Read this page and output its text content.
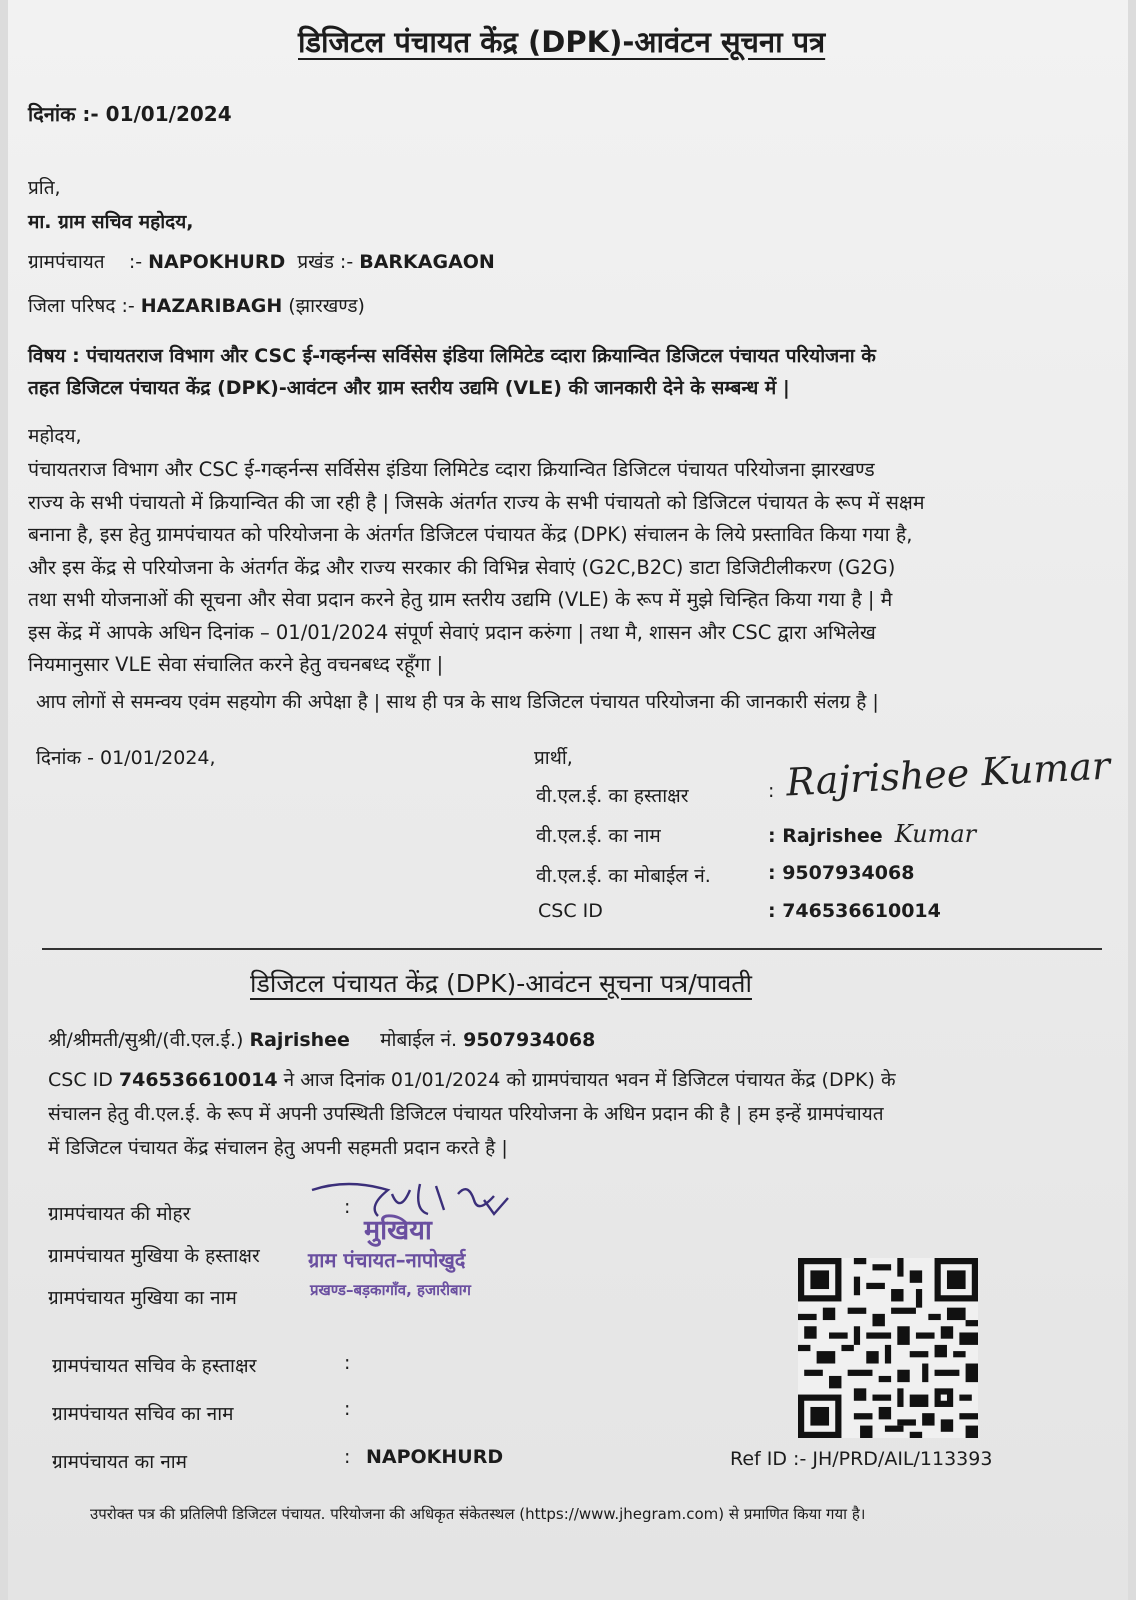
डिजिटल पंचायत केंद्र (DPK)-आवंटन सूचना पत्र
दिनांक :- 01/01/2024
प्रति,
मा. ग्राम सचिव महोदय,
ग्रामपंचायत :- NAPOKHURD प्रखंड :- BARKAGAON
जिला परिषद :- HAZARIBAGH (झारखण्ड)
विषय : पंचायतराज विभाग और CSC ई-गव्हर्नन्स सर्विसेस इंडिया लिमिटेड व्दारा क्रियान्वित डिजिटल पंचायत परियोजना के
तहत डिजिटल पंचायत केंद्र (DPK)-आवंटन और ग्राम स्तरीय उद्यमि (VLE) की जानकारी देने के सम्बन्ध में |
महोदय,
पंचायतराज विभाग और CSC ई-गव्हर्नन्स सर्विसेस इंडिया लिमिटेड व्दारा क्रियान्वित डिजिटल पंचायत परियोजना झारखण्ड
राज्य के सभी पंचायतो में क्रियान्वित की जा रही है | जिसके अंतर्गत राज्य के सभी पंचायतो को डिजिटल पंचायत के रूप में सक्षम
बनाना है, इस हेतु ग्रामपंचायत को परियोजना के अंतर्गत डिजिटल पंचायत केंद्र (DPK) संचालन के लिये प्रस्तावित किया गया है,
और इस केंद्र से परियोजना के अंतर्गत केंद्र और राज्य सरकार की विभिन्न सेवाएं (G2C,B2C) डाटा डिजिटीलीकरण (G2G)
तथा सभी योजनाओं की सूचना और सेवा प्रदान करने हेतु ग्राम स्तरीय उद्यमि (VLE) के रूप में मुझे चिन्हित किया गया है | मै
इस केंद्र में आपके अधिन दिनांक – 01/01/2024 संपूर्ण सेवाएं प्रदान करुंगा | तथा मै, शासन और CSC द्वारा अभिलेख
नियमानुसार VLE सेवा संचालित करने हेतु वचनबध्द रहूँगा |
आप लोगों से समन्वय एवंम सहयोग की अपेक्षा है | साथ ही पत्र के साथ डिजिटल पंचायत परियोजना की जानकारी संलग्र है |
दिनांक - 01/01/2024,	प्रार्थी,
वी.एल.ई. का हस्ताक्षर	: Rajrishee Kumar
वी.एल.ई. का नाम	: Rajrishee Kumar
वी.एल.ई. का मोबाईल नं.	: 9507934068
CSC ID	: 746536610014
डिजिटल पंचायत केंद्र (DPK)-आवंटन सूचना पत्र/पावती
श्री/श्रीमती/सुश्री/(वी.एल.ई.) Rajrishee मोबाईल नं. 9507934068
CSC ID 746536610014 ने आज दिनांक 01/01/2024 को ग्रामपंचायत भवन में डिजिटल पंचायत केंद्र (DPK) के
संचालन हेतु वी.एल.ई. के रूप में अपनी उपस्थिती डिजिटल पंचायत परियोजना के अधिन प्रदान की है | हम इन्हें ग्रामपंचायत
में डिजिटल पंचायत केंद्र संचालन हेतु अपनी सहमती प्रदान करते है |
ग्रामपंचायत की मोहर	:
ग्रामपंचायत मुखिया के हस्ताक्षर
ग्रामपंचायत मुखिया का नाम
मुखिया
ग्राम पंचायत–नापोखुर्द
प्रखण्ड–बड़कागाँव, हजारीबाग
ग्रामपंचायत सचिव के हस्ताक्षर	:
ग्रामपंचायत सचिव का नाम	:
ग्रामपंचायत का नाम	: NAPOKHURD	Ref ID :- JH/PRD/AIL/113393
उपरोक्त पत्र की प्रतिलिपी डिजिटल पंचायत. परियोजना की अधिकृत संकेतस्थल (https://www.jhegram.com) से प्रमाणित किया गया है।
